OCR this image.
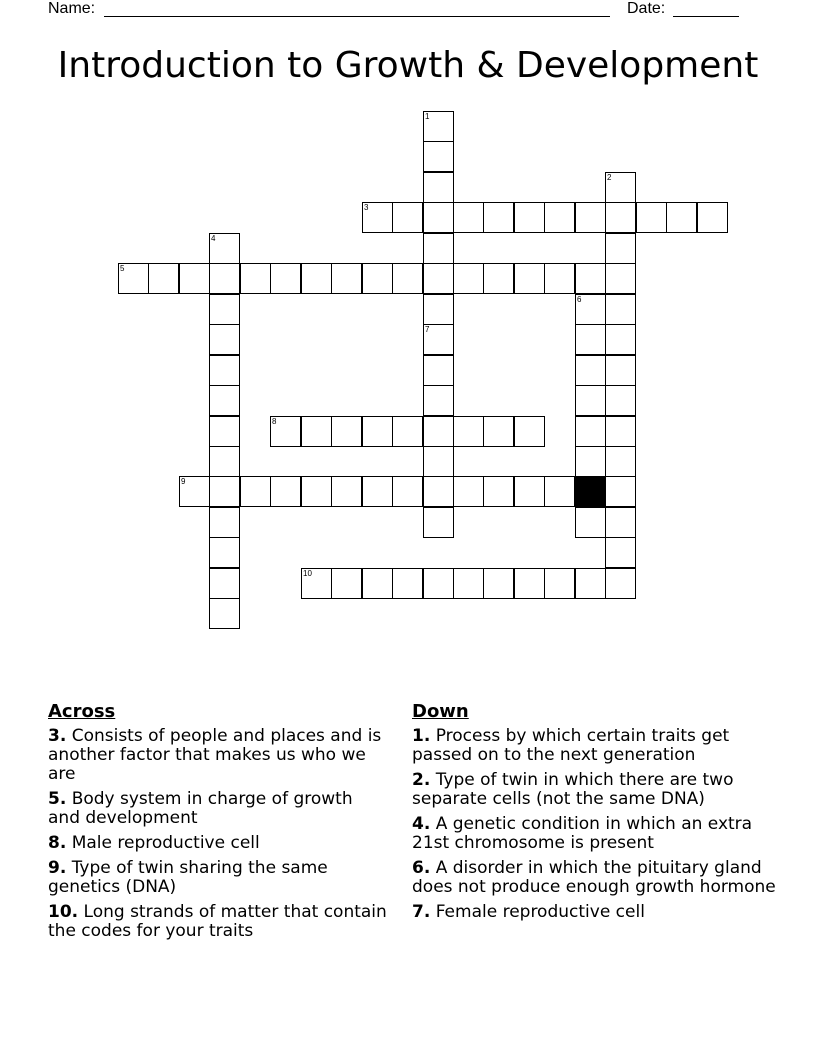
Name:	Date:
Introduction to Growth & Development
1
7
2
3
4
5
6
8
9
10
Across
3. Consists of people and places and is another factor that makes us who we are
5. Body system in charge of growth and development
8. Male reproductive cell
9. Type of twin sharing the same genetics (DNA)
10. Long strands of matter that contain the codes for your traits
Down
1. Process by which certain traits get passed on to the next generation
2. Type of twin in which there are two separate cells (not the same DNA)
4. A genetic condition in which an extra 21st chromosome is present
6. A disorder in which the pituitary gland does not produce enough growth hormone
7. Female reproductive cell
